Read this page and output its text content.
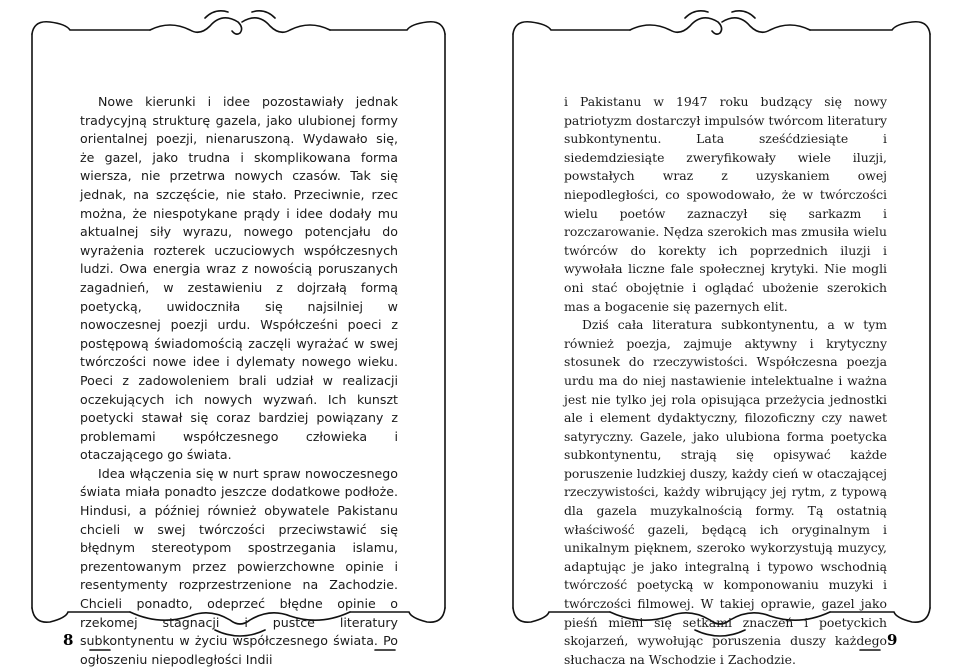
Nowe kierunki i idee pozostawiały jednak tradycyjną strukturę gazela, jako ulubionej formy orientalnej poezji, nienaruszoną. Wydawało się, że gazel, jako trudna i skomplikowana forma wiersza, nie przetrwa nowych czasów. Tak się jednak, na szczęście, nie stało. Przeciwnie, rzec można, że niespotykane prądy i idee dodały mu aktualnej siły wyrazu, nowego potencjału do wyrażenia rozterek uczuciowych współczesnych ludzi. Owa energia wraz z nowością poruszanych zagadnień, w zestawieniu z dojrzałą formą poetycką, uwidoczniła się najsilniej w nowoczesnej poezji urdu. Współcześni poeci z postępową świadomością zaczęli wyrażać w swej twórczości nowe idee i dylematy nowego wieku. Poeci z zadowoleniem brali udział w realizacji oczekujących ich nowych wyzwań. Ich kunszt poetycki stawał się coraz bardziej powiązany z problemami współczesnego człowieka i otaczającego go świata.

Idea włączenia się w nurt spraw nowoczesnego świata miała ponadto jeszcze dodatkowe podłoże. Hindusi, a później również obywatele Pakistanu chcieli w swej twórczości przeciwstawić się błędnym stereotypom spostrzegania islamu, prezentowanym przez powierzchowne opinie i resentymenty rozprzestrzenione na Zachodzie. Chcieli ponadto, odeprzeć błędne opinie o rzekomej stagnacji i pustce literatury subkontynentu w życiu współczesnego świata. Po ogłoszeniu niepodległości Indii

8

i Pakistanu w 1947 roku budzący się nowy patriotyzm dostarczył impulsów twórcom literatury subkontynentu. Lata sześćdziesiąte i siedemdziesiąte zweryfikowały wiele iluzji, powstałych wraz z uzyskaniem owej niepodległości, co spowodowało, że w twórczości wielu poetów zaznaczył się sarkazm i rozczarowanie. Nędza szerokich mas zmusiła wielu twórców do korekty ich poprzednich iluzji i wywołała liczne fale społecznej krytyki. Nie mogli oni stać obojętnie i oglądać ubożenie szerokich mas a bogacenie się pazernych elit.

Dziś cała literatura subkontynentu, a w tym również poezja, zajmuje aktywny i krytyczny stosunek do rzeczywistości. Współczesna poezja urdu ma do niej nastawienie intelektualne i ważna jest nie tylko jej rola opisująca przeżycia jednostki ale i element dydaktyczny, filozoficzny czy nawet satyryczny. Gazele, jako ulubiona forma poetycka subkontynentu, strają się opisywać każde poruszenie ludzkiej duszy, każdy cień w otaczającej rzeczywistości, każdy wibrujący jej rytm, z typową dla gazela muzykalnością formy. Tą ostatnią właściwość gazeli, będącą ich oryginalnym i unikalnym pięknem, szeroko wykorzystują muzycy, adaptując je jako integralną i typowo wschodnią twórczość poetycką w komponowaniu muzyki i twórczości filmowej. W takiej oprawie, gazel jako pieśń mieni się setkami znaczeń i poetyckich skojarzeń, wywołując poruszenia duszy każdego słuchacza na Wschodzie i Zachodzie.

9
